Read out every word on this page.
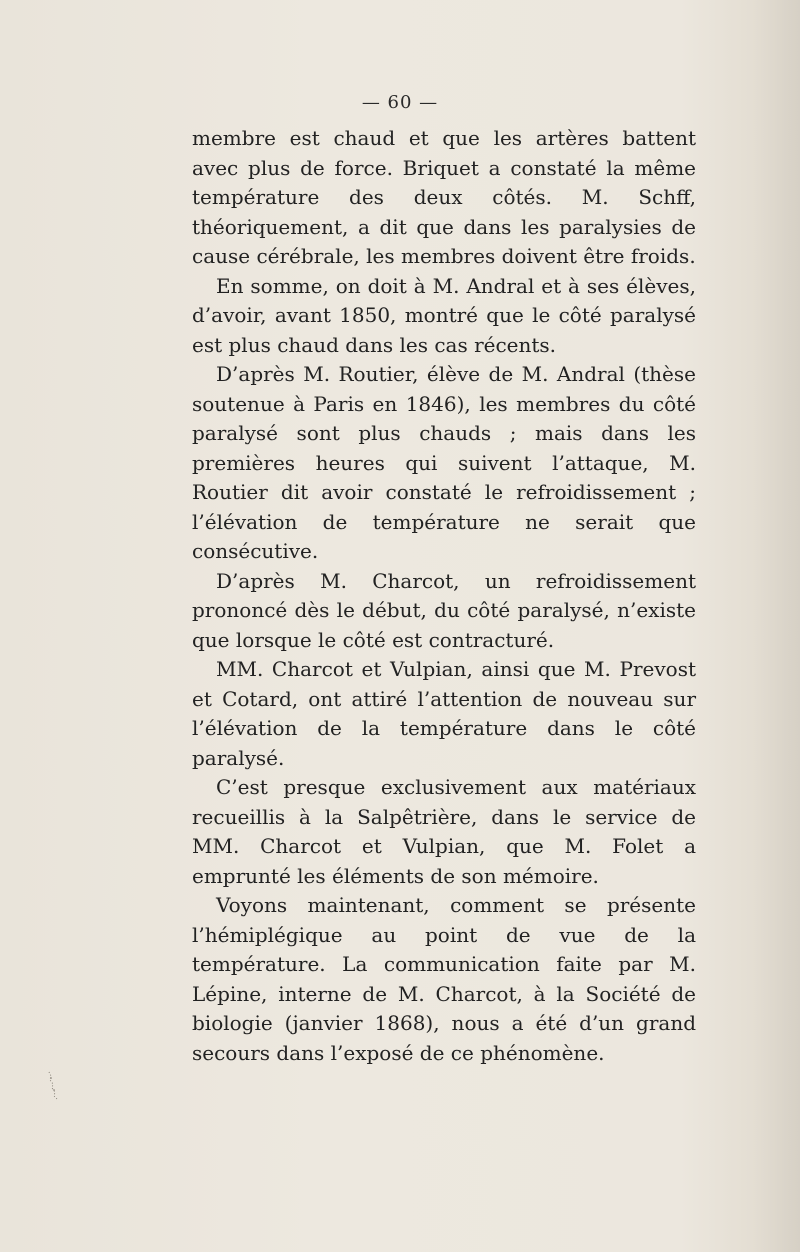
— 60 —

membre est chaud et que les artères battent avec plus de force. Briquet a constaté la même température des deux côtés. M. Schff, théoriquement, a dit que dans les paralysies de cause cérébrale, les membres doivent être froids.

En somme, on doit à M. Andral et à ses élèves, d’avoir, avant 1850, montré que le côté paralysé est plus chaud dans les cas récents.

D’après M. Routier, élève de M. Andral (thèse soutenue à Paris en 1846), les membres du côté paralysé sont plus chauds ; mais dans les premières heures qui suivent l’attaque, M. Routier dit avoir constaté le refroidissement ; l’élévation de température ne serait que consécutive.

D’après M. Charcot, un refroidissement prononcé dès le début, du côté paralysé, n’existe que lorsque le côté est contracturé.

MM. Charcot et Vulpian, ainsi que M. Prevost et Cotard, ont attiré l’attention de nouveau sur l’élévation de la température dans le côté paralysé.

C’est presque exclusivement aux matériaux recueillis à la Salpêtrière, dans le service de MM. Charcot et Vulpian, que M. Folet a emprunté les éléments de son mémoire.

Voyons maintenant, comment se présente l’hémiplégique au point de vue de la température. La communication faite par M. Lépine, interne de M. Charcot, à la Société de biologie (janvier 1868), nous a été d’un grand secours dans l’exposé de ce phénomène.
